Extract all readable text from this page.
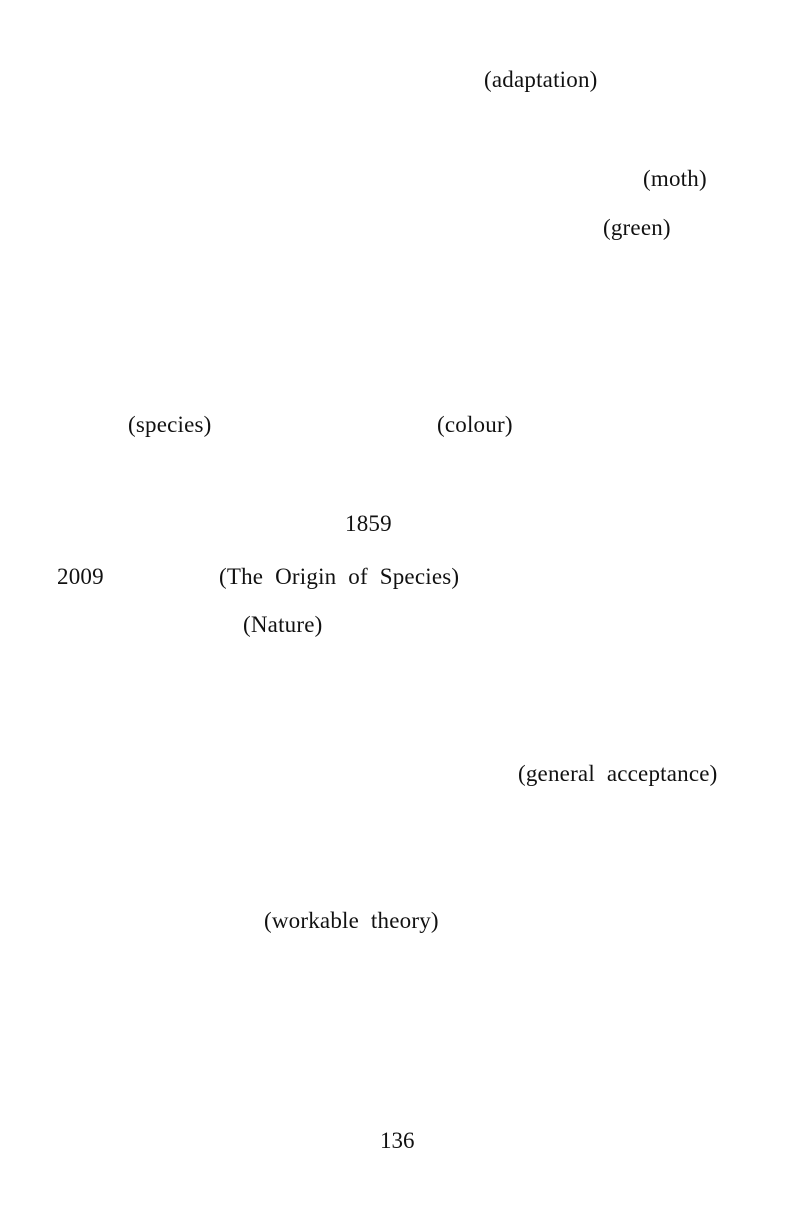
(adaptation)
(moth)
(green)
(species)	(colour)
1859
2009	(The  Origin  of  Species)
(Nature)
(general  acceptance)
(workable  theory)
136
